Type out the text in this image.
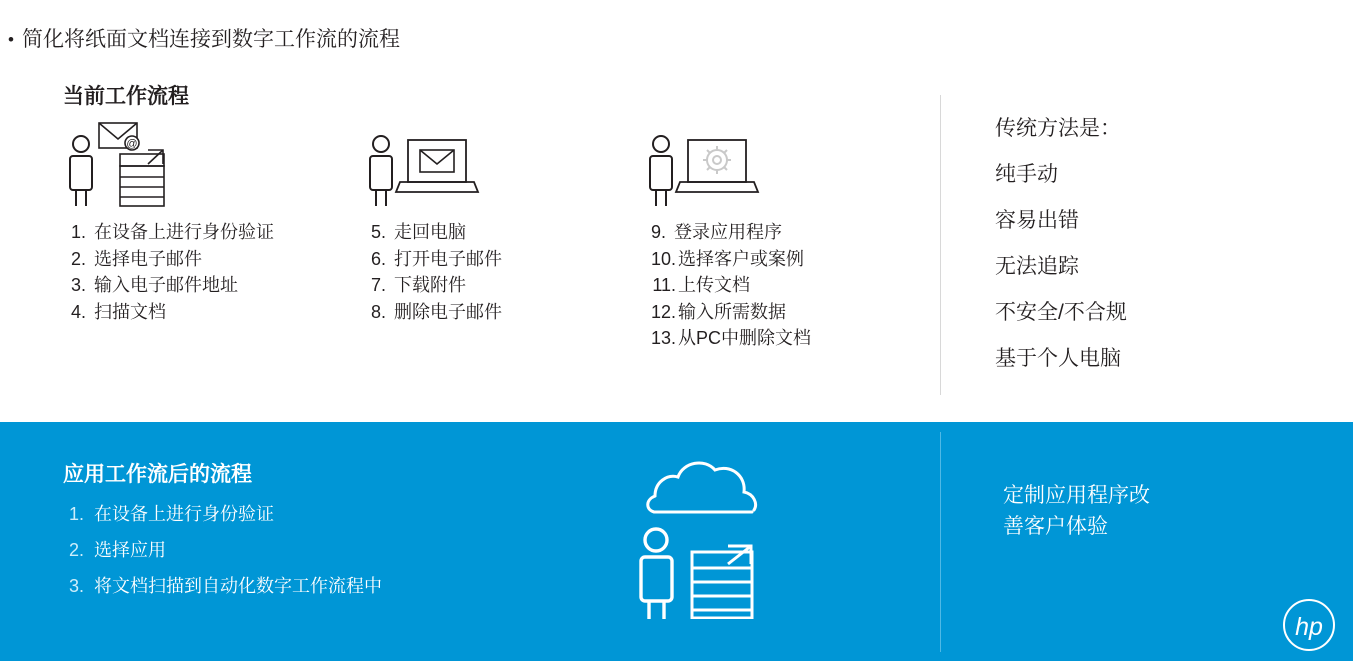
• 简化将纸面文档连接到数字工作流的流程
当前工作流程
@
1. 在设备上进行身份验证
2. 选择电子邮件
3. 输入电子邮件地址
4. 扫描文档
5. 走回电脑
6. 打开电子邮件
7. 下载附件
8. 删除电子邮件
9. 登录应用程序
10. 选择客户或案例
11. 上传文档
12. 输入所需数据
13. 从PC中删除文档
传统方法是：
纯手动
容易出错
无法追踪
不安全/不合规
基于个人电脑
应用工作流后的流程
1. 在设备上进行身份验证
2. 选择应用
3. 将文档扫描到自动化数字工作流程中
定制应用程序改
善客户体验
hp
